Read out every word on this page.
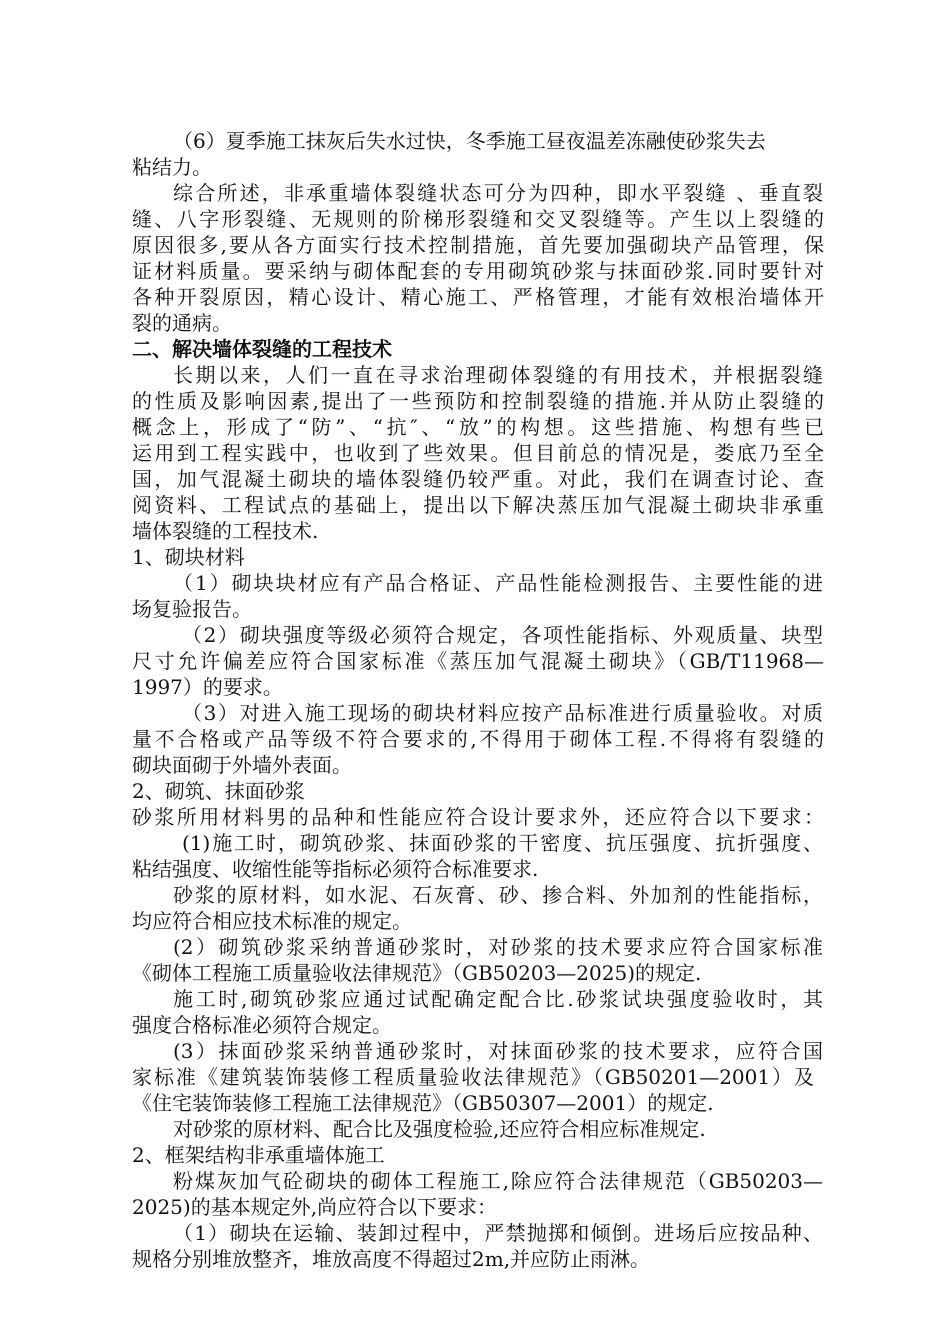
（6）夏季施工抹灰后失水过快，冬季施工昼夜温差冻融使砂浆失去

粘结力。

综合所述，非承重墙体裂缝状态可分为四种，即水平裂缝 、垂直裂

缝、八字形裂缝、无规则的阶梯形裂缝和交叉裂缝等。产生以上裂缝的

原因很多,要从各方面实行技术控制措施，首先要加强砌块产品管理，保

证材料质量。要采纳与砌体配套的专用砌筑砂浆与抹面砂浆.同时要针对

各种开裂原因，精心设计、精心施工、严格管理，才能有效根治墙体开

裂的通病。

二、解决墙体裂缝的工程技术

长期以来，人们一直在寻求治理砌体裂缝的有用技术，并根据裂缝

的性质及影响因素,提出了一些预防和控制裂缝的措施.并从防止裂缝的

概念上，形成了“防”、“抗″、“放”的构想。这些措施、构想有些已

运用到工程实践中，也收到了些效果。但目前总的情况是，娄底乃至全

国，加气混凝土砌块的墙体裂缝仍较严重。对此，我们在调查讨论、查

阅资料、工程试点的基础上，提出以下解决蒸压加气混凝土砌块非承重

墙体裂缝的工程技术.

1、砌块材料

（1）砌块块材应有产品合格证、产品性能检测报告、主要性能的进

场复验报告。

（2）砌块强度等级必须符合规定，各项性能指标、外观质量、块型

尺寸允许偏差应符合国家标准《蒸压加气混凝土砌块》（GB/T11968—

1997）的要求。

（3）对进入施工现场的砌块材料应按产品标准进行质量验收。对质

量不合格或产品等级不符合要求的,不得用于砌体工程.不得将有裂缝的

砌块面砌于外墙外表面。

2、砌筑、抹面砂浆

砂浆所用材料男的品种和性能应符合设计要求外，还应符合以下要求：

(1)施工时，砌筑砂浆、抹面砂浆的干密度、抗压强度、抗折强度、

粘结强度、收缩性能等指标必须符合标准要求.

砂浆的原材料，如水泥、石灰膏、砂、掺合料、外加剂的性能指标，

均应符合相应技术标准的规定。

(2）砌筑砂浆采纳普通砂浆时，对砂浆的技术要求应符合国家标准

《砌体工程施工质量验收法律规范》（GB50203—2025)的规定.

施工时,砌筑砂浆应通过试配确定配合比.砂浆试块强度验收时，其

强度合格标准必须符合规定。

(3）抹面砂浆采纳普通砂浆时，对抹面砂浆的技术要求，应符合国

家标准《建筑装饰装修工程质量验收法律规范》（GB50201—2001）及

《住宅装饰装修工程施工法律规范》（GB50307—2001）的规定.

对砂浆的原材料、配合比及强度检验,还应符合相应标准规定.

2、框架结构非承重墙体施工

粉煤灰加气砼砌块的砌体工程施工,除应符合法律规范（GB50203—

2025)的基本规定外,尚应符合以下要求：

（1）砌块在运输、装卸过程中，严禁抛掷和倾倒。进场后应按品种、

规格分别堆放整齐，堆放高度不得超过2m,并应防止雨淋。
